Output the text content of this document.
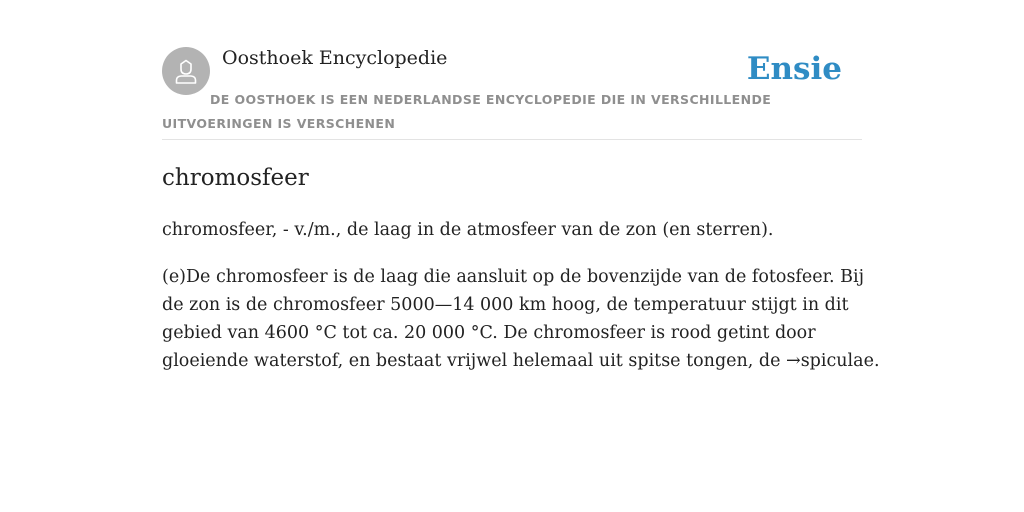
Oosthoek Encyclopedie	Ensie

DE OOSTHOEK IS EEN NEDERLANDSE ENCYCLOPEDIE DIE IN VERSCHILLENDE UITVOERINGEN IS VERSCHENEN

chromosfeer

chromosfeer, - v./m., de laag in de atmosfeer van de zon (en sterren).

(e)De chromosfeer is de laag die aansluit op de bovenzijde van de fotosfeer. Bij
de zon is de chromosfeer 5000—14 000 km hoog, de temperatuur stijgt in dit
gebied van 4600 °C tot ca. 20 000 °C. De chromosfeer is rood getint door
gloeiende waterstof, en bestaat vrijwel helemaal uit spitse tongen, de →spiculae.
